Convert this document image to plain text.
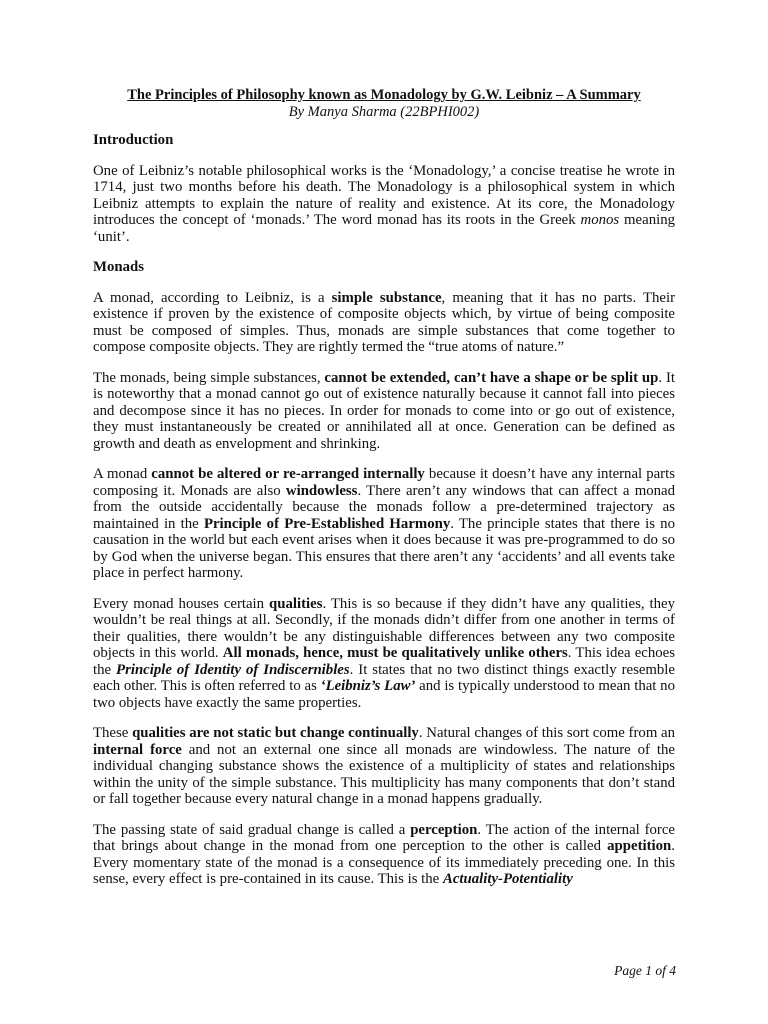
The Principles of Philosophy known as Monadology by G.W. Leibniz – A Summary

By Manya Sharma (22BPHI002)

Introduction

One of Leibniz’s notable philosophical works is the ‘Monadology,’ a concise treatise he wrote in 1714, just two months before his death. The Monadology is a philosophical system in which Leibniz attempts to explain the nature of reality and existence. At its core, the Monadology introduces the concept of ‘monads.’ The word monad has its roots in the Greek monos meaning ‘unit’.

Monads

A monad, according to Leibniz, is a simple substance, meaning that it has no parts. Their existence if proven by the existence of composite objects which, by virtue of being composite must be composed of simples. Thus, monads are simple substances that come together to compose composite objects. They are rightly termed the “true atoms of nature.”

The monads, being simple substances, cannot be extended, can’t have a shape or be split up. It is noteworthy that a monad cannot go out of existence naturally because it cannot fall into pieces and decompose since it has no pieces. In order for monads to come into or go out of existence, they must instantaneously be created or annihilated all at once. Generation can be defined as growth and death as envelopment and shrinking.

A monad cannot be altered or re-arranged internally because it doesn’t have any internal parts composing it. Monads are also windowless. There aren’t any windows that can affect a monad from the outside accidentally because the monads follow a pre-determined trajectory as maintained in the Principle of Pre-Established Harmony. The principle states that there is no causation in the world but each event arises when it does because it was pre-programmed to do so by God when the universe began. This ensures that there aren’t any ‘accidents’ and all events take place in perfect harmony.

Every monad houses certain qualities. This is so because if they didn’t have any qualities, they wouldn’t be real things at all. Secondly, if the monads didn’t differ from one another in terms of their qualities, there wouldn’t be any distinguishable differences between any two composite objects in this world. All monads, hence, must be qualitatively unlike others. This idea echoes the Principle of Identity of Indiscernibles. It states that no two distinct things exactly resemble each other. This is often referred to as ‘Leibniz’s Law’ and is typically understood to mean that no two objects have exactly the same properties.

These qualities are not static but change continually. Natural changes of this sort come from an internal force and not an external one since all monads are windowless. The nature of the individual changing substance shows the existence of a multiplicity of states and relationships within the unity of the simple substance. This multiplicity has many components that don’t stand or fall together because every natural change in a monad happens gradually.

The passing state of said gradual change is called a perception. The action of the internal force that brings about change in the monad from one perception to the other is called appetition. Every momentary state of the monad is a consequence of its immediately preceding one. In this sense, every effect is pre-contained in its cause. This is the Actuality-Potentiality

Page 1 of 4
